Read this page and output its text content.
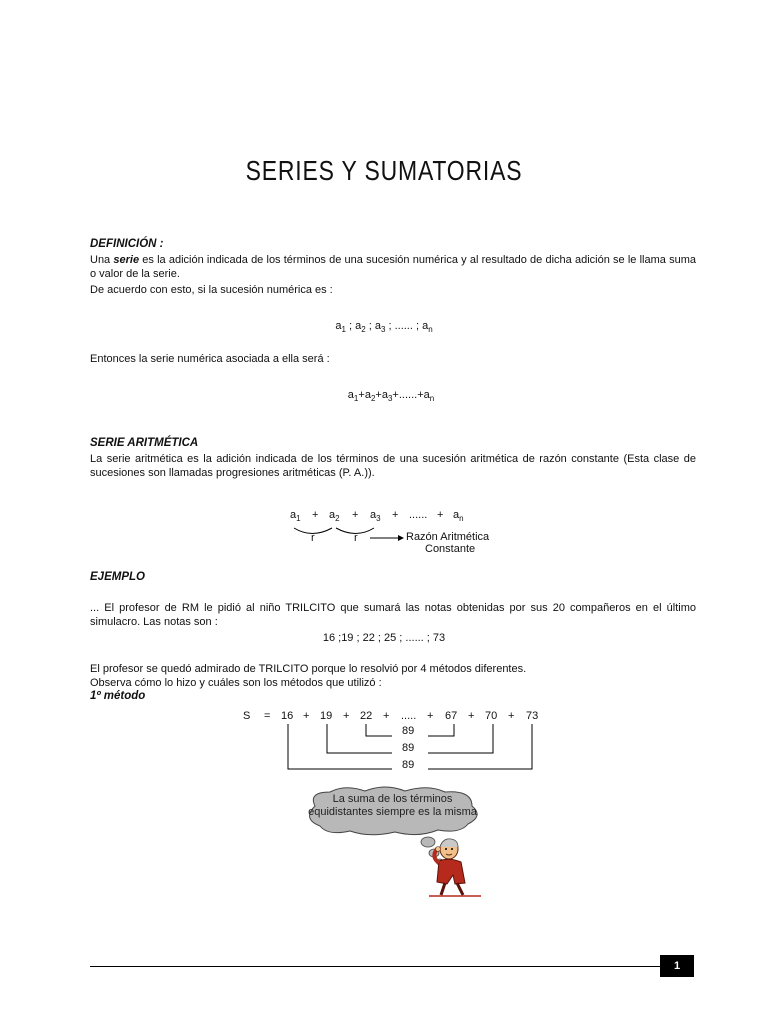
SERIES Y SUMATORIAS
DEFINICIÓN :
Una serie es la adición indicada de los términos de una sucesión numérica y al resultado de dicha adición se le llama suma o valor de la serie.
De acuerdo con esto, si la sucesión numérica es :
$a_1$ ; $a_2$ ; $a_3$ ; ...... ; $a_n$
Entonces la serie numérica asociada a ella será :
$a_1+a_2+a_3+......+a_n$
SERIE ARITMÉTICA
La serie aritmética es la adición indicada de los términos de una sucesión aritmética de razón constante (Esta clase de sucesiones son llamadas progresiones aritméticas (P. A.)).
$a_1 + a_2 + a_3$ + ...... + $a_n$
r	r	Razón Aritmética
Constante
EJEMPLO
... El profesor de RM le pidió al niño TRILCITO que sumará las notas obtenidas por sus 20 compañeros en el último simulacro. Las notas son :
16 ;19 ; 22 ; 25 ; ...... ; 73
El profesor se quedó admirado de TRILCITO porque lo resolvió por 4 métodos diferentes.
Observa cómo lo hizo y cuáles son los métodos que utilizó :
1º método
S = 16 + 19 + 22 + ..... + 67 + 70 + 73
89
89
89
La suma de los términos
equidistantes siempre es la misma
1
